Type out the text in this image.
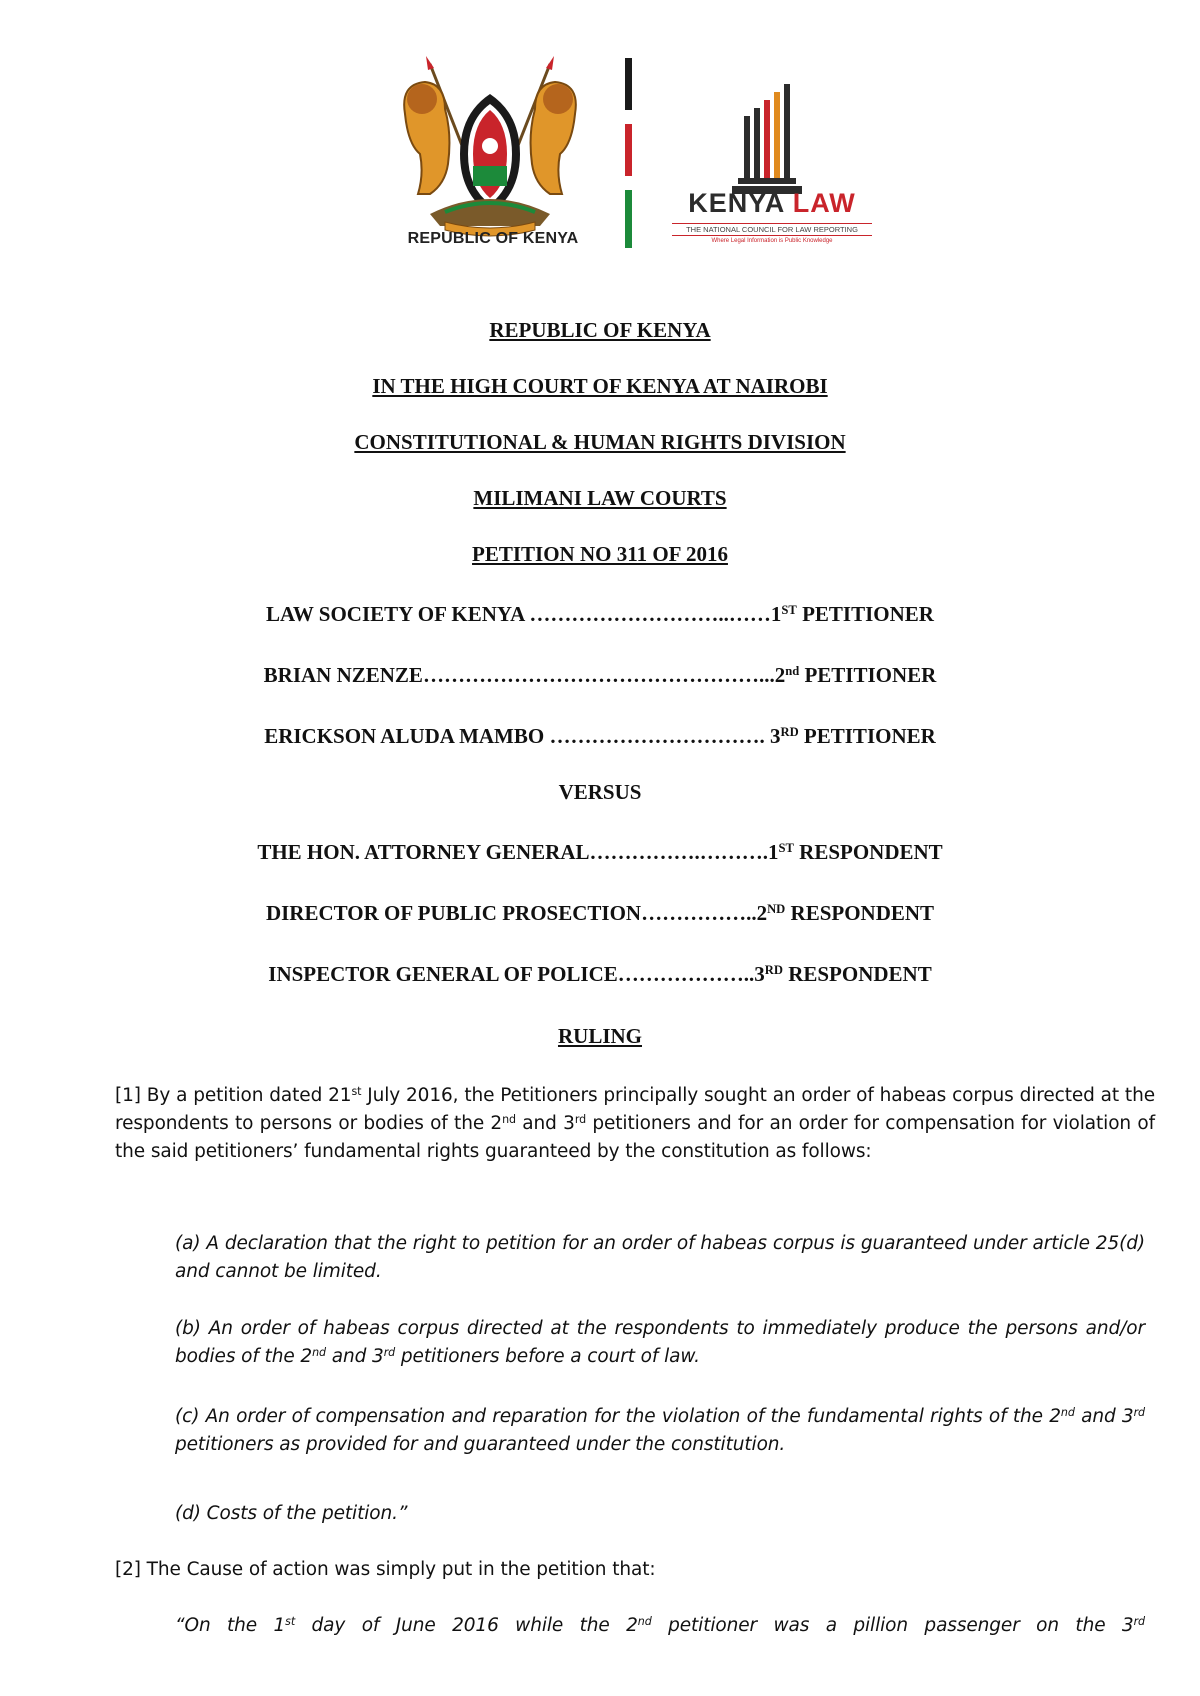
REPUBLIC OF KENYA
KENYA LAW
THE NATIONAL COUNCIL FOR LAW REPORTING
Where Legal Information is Public Knowledge
REPUBLIC OF KENYA
IN THE HIGH COURT OF KENYA AT NAIROBI
CONSTITUTIONAL & HUMAN RIGHTS DIVISION
MILIMANI LAW COURTS
PETITION NO 311 OF 2016
LAW SOCIETY OF KENYA ………………………..……1ST PETITIONER
BRIAN NZENZE…………………………………………...2nd PETITIONER
ERICKSON ALUDA MAMBO …………………………. 3RD PETITIONER
VERSUS
THE HON. ATTORNEY GENERAL…………….……….1ST RESPONDENT
DIRECTOR OF PUBLIC PROSECTION……………..2ND RESPONDENT
INSPECTOR GENERAL OF POLICE………………..3RD RESPONDENT
RULING
[1] By a petition dated 21st July 2016, the Petitioners principally sought an order of habeas corpus directed at the respondents to persons or bodies of the 2nd and 3rd petitioners and for an order for compensation for violation of the said petitioners’ fundamental rights guaranteed by the constitution as follows:
(a) A declaration that the right to petition for an order of habeas corpus is guaranteed under article 25(d) and cannot be limited.
(b) An order of habeas corpus directed at the respondents to immediately produce the persons and/or bodies of the 2nd and 3rd petitioners before a court of law.
(c) An order of compensation and reparation for the violation of the fundamental rights of the 2nd and 3rd petitioners as provided for and guaranteed under the constitution.
(d) Costs of the petition.”
[2] The Cause of action was simply put in the petition that:
“On the 1st day of June 2016 while the 2nd petitioner was a pillion passenger on the 3rd
